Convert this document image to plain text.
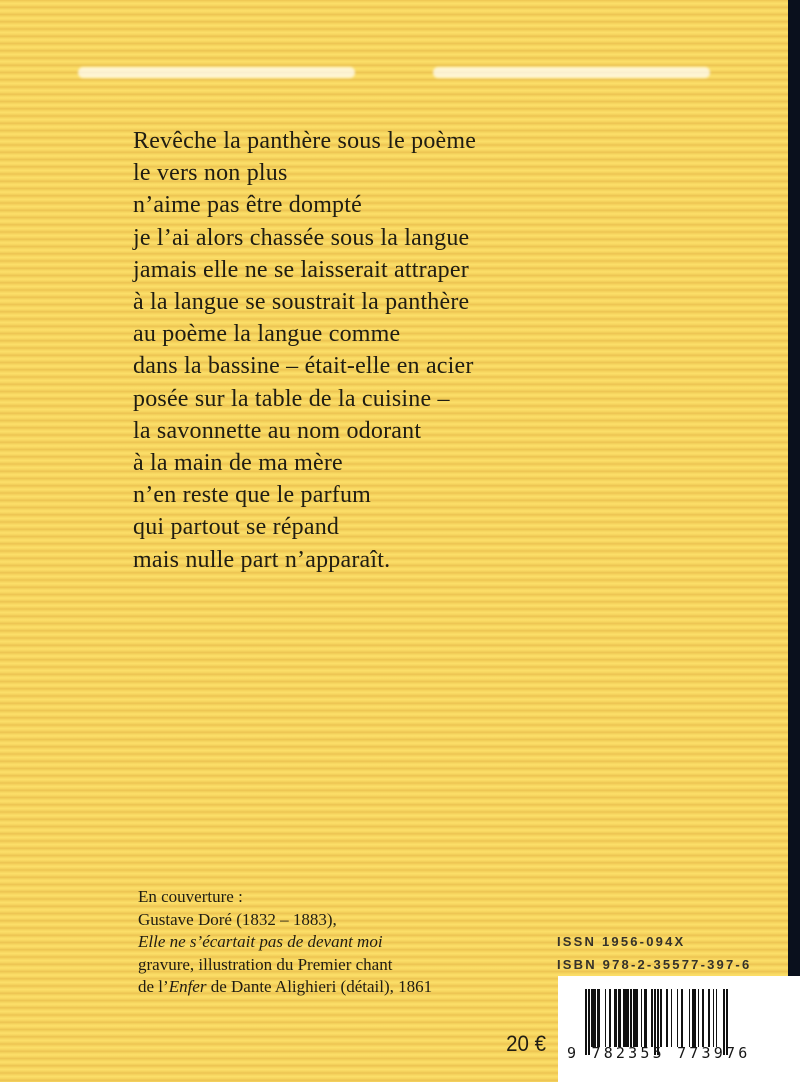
Revêche la panthère sous le poème
le vers non plus
n’aime pas être dompté
je l’ai alors chassée sous la langue
jamais elle ne se laisserait attraper
à la langue se soustrait la panthère
au poème la langue comme
dans la bassine – était-elle en acier
posée sur la table de la cuisine –
la savonnette au nom odorant
à la main de ma mère
n’en reste que le parfum
qui partout se répand
mais nulle part n’apparaît.
En couverture :
Gustave Doré (1832 – 1883),
Elle ne s’écartait pas de devant moi
gravure, illustration du Premier chant
de l’Enfer de Dante Alighieri (détail), 1861
ISSN 1956-094X
ISBN 978-2-35577-397-6
20 € 9 782355 773976
